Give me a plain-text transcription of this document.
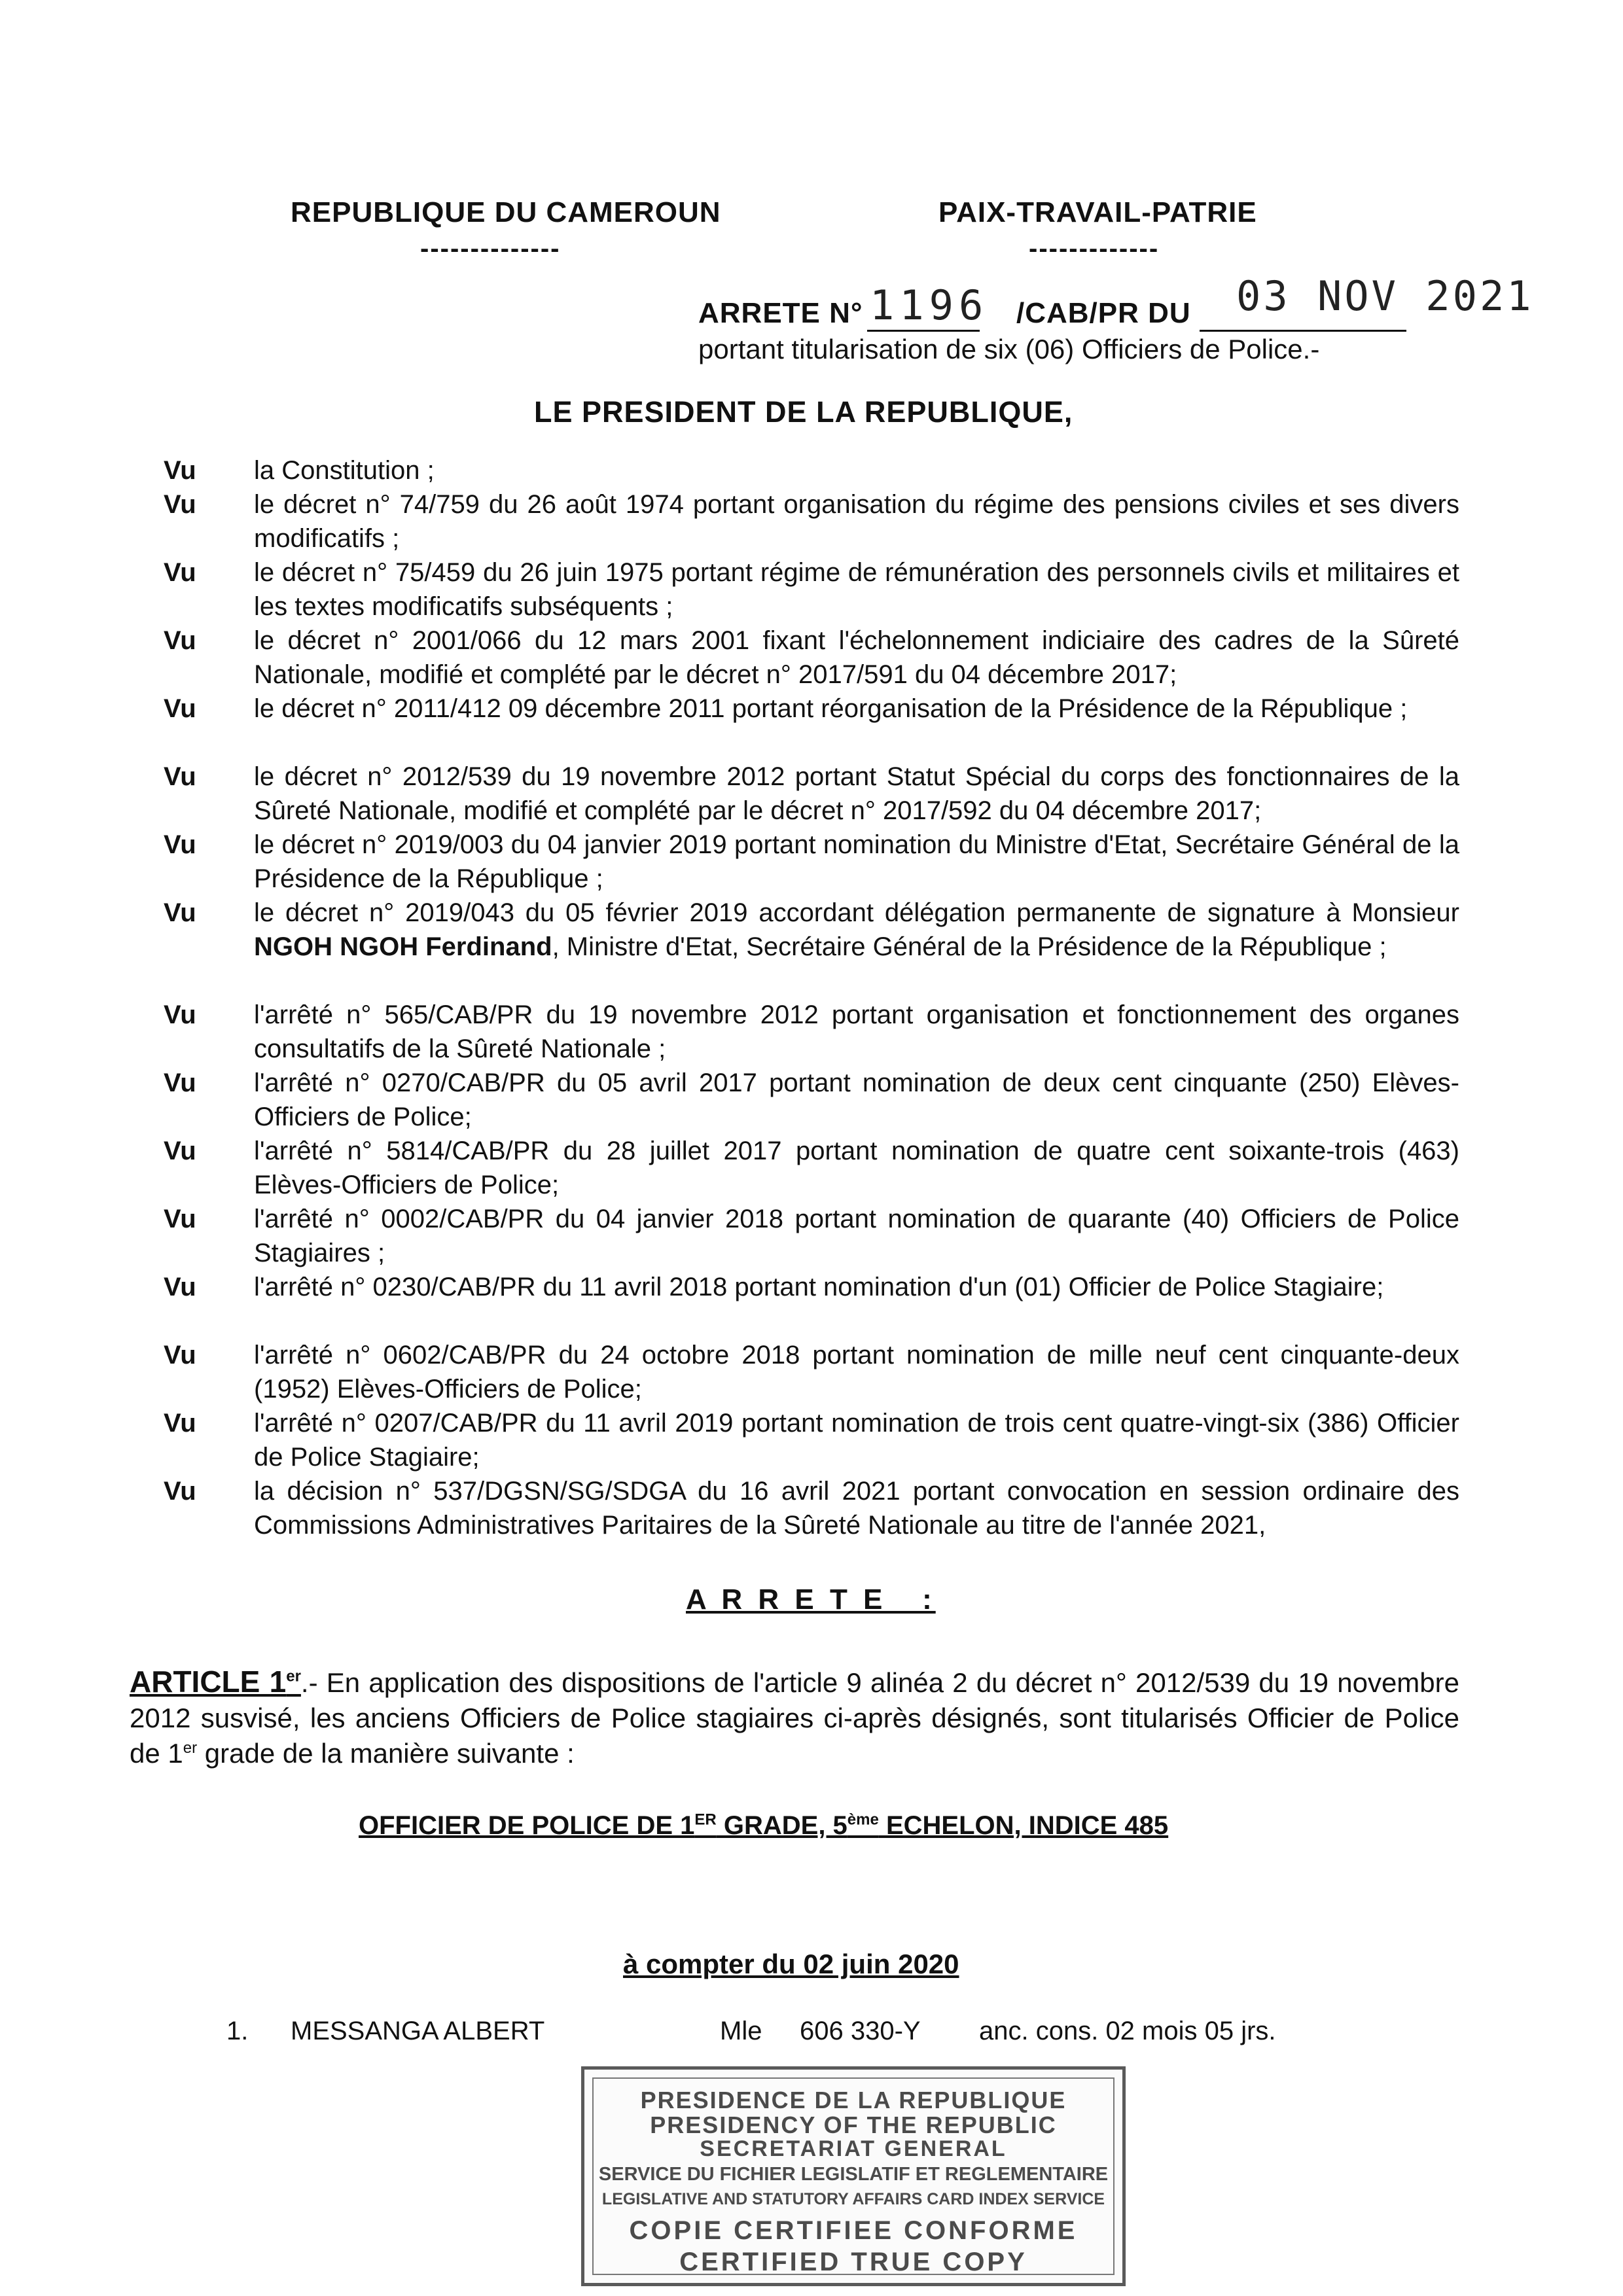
REPUBLIQUE DU CAMEROUN
--------------
PAIX-TRAVAIL-PATRIE
-------------
ARRETE N° 1196 /CAB/PR DU 03 NOV 2021
portant titularisation de six (06) Officiers de Police.-
LE PRESIDENT DE LA REPUBLIQUE,
Vu la Constitution ;
Vu le décret n° 74/759 du 26 août 1974 portant organisation du régime des pensions civiles et ses divers modificatifs ;
Vu le décret n° 75/459 du 26 juin 1975 portant régime de rémunération des personnels civils et militaires et les textes modificatifs subséquents ;
Vu le décret n° 2001/066 du 12 mars 2001 fixant l'échelonnement indiciaire des cadres de la Sûreté Nationale, modifié et complété par le décret n° 2017/591 du 04 décembre 2017;
Vu le décret n° 2011/412 09 décembre 2011 portant réorganisation de la Présidence de la République ;
Vu le décret n° 2012/539 du 19 novembre 2012 portant Statut Spécial du corps des fonctionnaires de la Sûreté Nationale, modifié et complété par le décret n° 2017/592 du 04 décembre 2017;
Vu le décret n° 2019/003 du 04 janvier 2019 portant nomination du Ministre d'Etat, Secrétaire Général de la Présidence de la République ;
Vu le décret n° 2019/043 du 05 février 2019 accordant délégation permanente de signature à Monsieur NGOH NGOH Ferdinand, Ministre d'Etat, Secrétaire Général de la Présidence de la République ;
Vu l'arrêté n° 565/CAB/PR du 19 novembre 2012 portant organisation et fonctionnement des organes consultatifs de la Sûreté Nationale ;
Vu l'arrêté n° 0270/CAB/PR du 05 avril 2017 portant nomination de deux cent cinquante (250) Elèves-Officiers de Police;
Vu l'arrêté n° 5814/CAB/PR du 28 juillet 2017 portant nomination de quatre cent soixante-trois (463) Elèves-Officiers de Police;
Vu l'arrêté n° 0002/CAB/PR du 04 janvier 2018 portant nomination de quarante (40) Officiers de Police Stagiaires ;
Vu l'arrêté n° 0230/CAB/PR du 11 avril 2018 portant nomination d'un (01) Officier de Police Stagiaire;
Vu l'arrêté n° 0602/CAB/PR du 24 octobre 2018 portant nomination de mille neuf cent cinquante-deux (1952) Elèves-Officiers de Police;
Vu l'arrêté n° 0207/CAB/PR du 11 avril 2019 portant nomination de trois cent quatre-vingt-six (386) Officier de Police Stagiaire;
Vu la décision n° 537/DGSN/SG/SDGA du 16 avril 2021 portant convocation en session ordinaire des Commissions Administratives Paritaires de la Sûreté Nationale au titre de l'année 2021,
A R R E T E   :
ARTICLE 1er.- En application des dispositions de l'article 9 alinéa 2 du décret n° 2012/539 du 19 novembre 2012 susvisé, les anciens Officiers de Police stagiaires ci-après désignés, sont titularisés Officier de Police de 1er grade de la manière suivante :
OFFICIER DE POLICE DE 1ER GRADE, 5ème ECHELON, INDICE 485
à compter du 02 juin 2020
1. MESSANGA ALBERT	Mle 606 330-Y anc. cons. 02 mois 05 jrs.
PRESIDENCE DE LA REPUBLIQUE
PRESIDENCY OF THE REPUBLIC
SECRETARIAT GENERAL
SERVICE DU FICHIER LEGISLATIF ET REGLEMENTAIRE
LEGISLATIVE AND STATUTORY AFFAIRS CARD INDEX SERVICE
COPIE CERTIFIEE CONFORME
CERTIFIED TRUE COPY
